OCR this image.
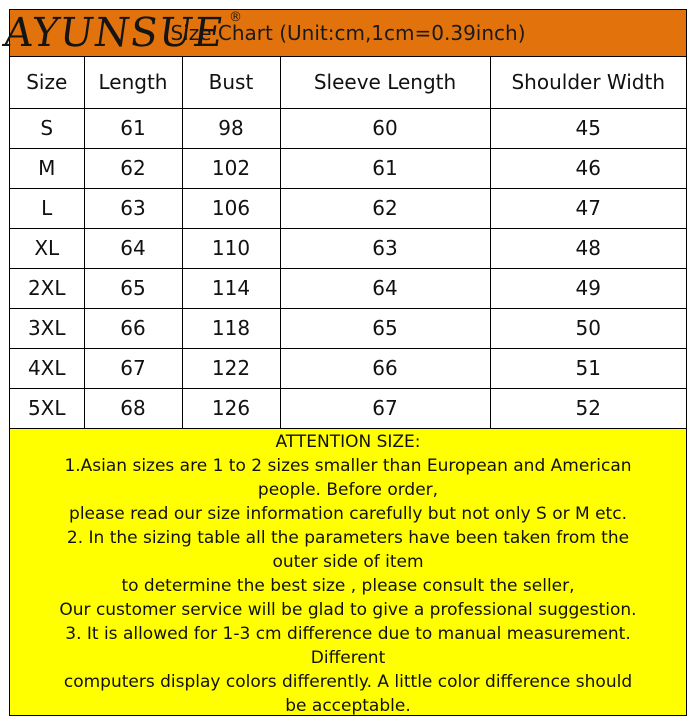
Size Chart (Unit:cm,1cm=0.39inch)
AYUNSUE ®
Size	Length	Bust	Sleeve Length	Shoulder Width
S	61	98	60	45
M	62	102	61	46
L	63	106	62	47
XL	64	110	63	48
2XL	65	114	64	49
3XL	66	118	65	50
4XL	67	122	66	51
5XL	68	126	67	52
ATTENTION SIZE:
1.Asian sizes are 1 to 2 sizes smaller than European and American
people. Before order,
please read our size information carefully but not only S or M etc.
2. In the sizing table all the parameters have been taken from the
outer side of item
to determine the best size , please consult the seller,
Our customer service will be glad to give a professional suggestion.
3. It is allowed for 1-3 cm difference due to manual measurement.
Different
computers display colors differently. A little color difference should
be acceptable.
